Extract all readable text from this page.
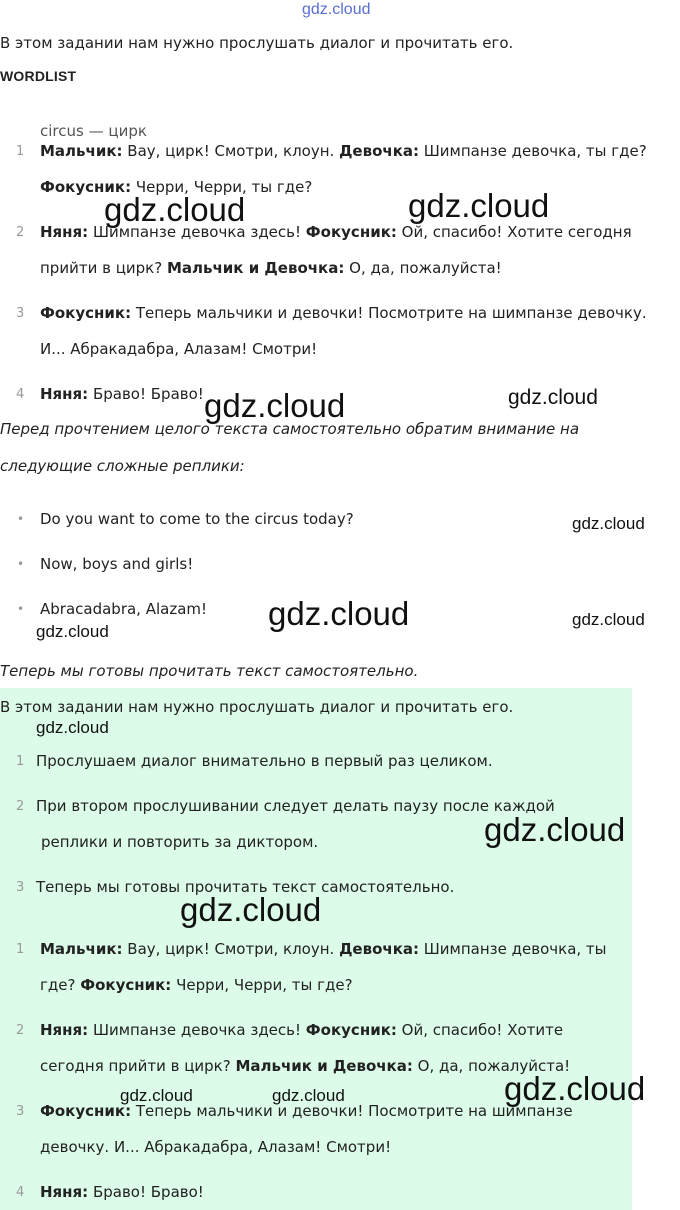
gdz.cloud
В этом задании нам нужно прослушать диалог и прочитать его.
WORDLIST
circus — цирк
1 Мальчик: Вау, цирк! Смотри, клоун. Девочка: Шимпанзе девочка, ты где?
Фокусник: Черри, Черри, ты где?
2 Няня: Шимпанзе девочка здесь! Фокусник: Ой, спасибо! Хотите сегодня
прийти в цирк? Мальчик и Девочка: О, да, пожалуйста!
3 Фокусник: Теперь мальчики и девочки! Посмотрите на шимпанзе девочку.
И... Абракадабра, Алазам! Смотри!
4 Няня: Браво! Браво!
Перед прочтением целого текста самостоятельно обратим внимание на
следующие сложные реплики:
• Do you want to come to the circus today?
• Now, boys and girls!
• Abracadabra, Alazam!
Теперь мы готовы прочитать текст самостоятельно.
В этом задании нам нужно прослушать диалог и прочитать его.
1 Прослушаем диалог внимательно в первый раз целиком.
2 При втором прослушивании следует делать паузу после каждой
реплики и повторить за диктором.
3 Теперь мы готовы прочитать текст самостоятельно.
1 Мальчик: Вау, цирк! Смотри, клоун. Девочка: Шимпанзе девочка, ты
где? Фокусник: Черри, Черри, ты где?
2 Няня: Шимпанзе девочка здесь! Фокусник: Ой, спасибо! Хотите
сегодня прийти в цирк? Мальчик и Девочка: О, да, пожалуйста!
3 Фокусник: Теперь мальчики и девочки! Посмотрите на шимпанзе
девочку. И... Абракадабра, Алазам! Смотри!
4 Няня: Браво! Браво!
gdz.cloud	gdz.cloud
gdz.cloud	gdz.cloud
gdz.cloud
gdz.cloud	gdz.cloud
gdz.cloud
gdz.cloud
gdz.cloud
gdz.cloud
gdz.cloud	gdz.cloud	gdz.cloud
